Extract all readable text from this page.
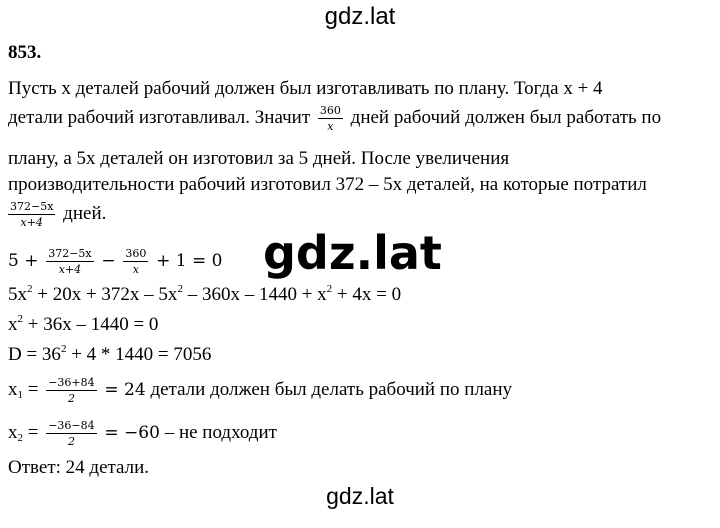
gdz.lat
853.
Пусть x деталей рабочий должен был изготавливать по плану. Тогда x + 4
детали рабочий изготавливал. Значит $\frac{360}{x}$ дней рабочий должен был работать по
плану, а 5x деталей он изготовил за 5 дней. После увеличения
производительности рабочий изготовил 372 – 5x деталей, на которые потратил
$\frac{372-5x}{x+4}$ дней.
$5 + \frac{372-5x}{x+4} - \frac{360}{x} + 1 = 0$
$5x^2 + 20x + 372x - 5x^2 - 360x - 1440 + x^2 + 4x = 0$
$x^2 + 36x - 1440 = 0$
$D = 36^2 + 4 * 1440 = 7056$
$x_1 = \frac{-36+84}{2} = 24$ детали должен был делать рабочий по плану
$x_2 = \frac{-36-84}{2} = -60$ – не подходит
Ответ: 24 детали.
gdz.lat
gdz.lat
